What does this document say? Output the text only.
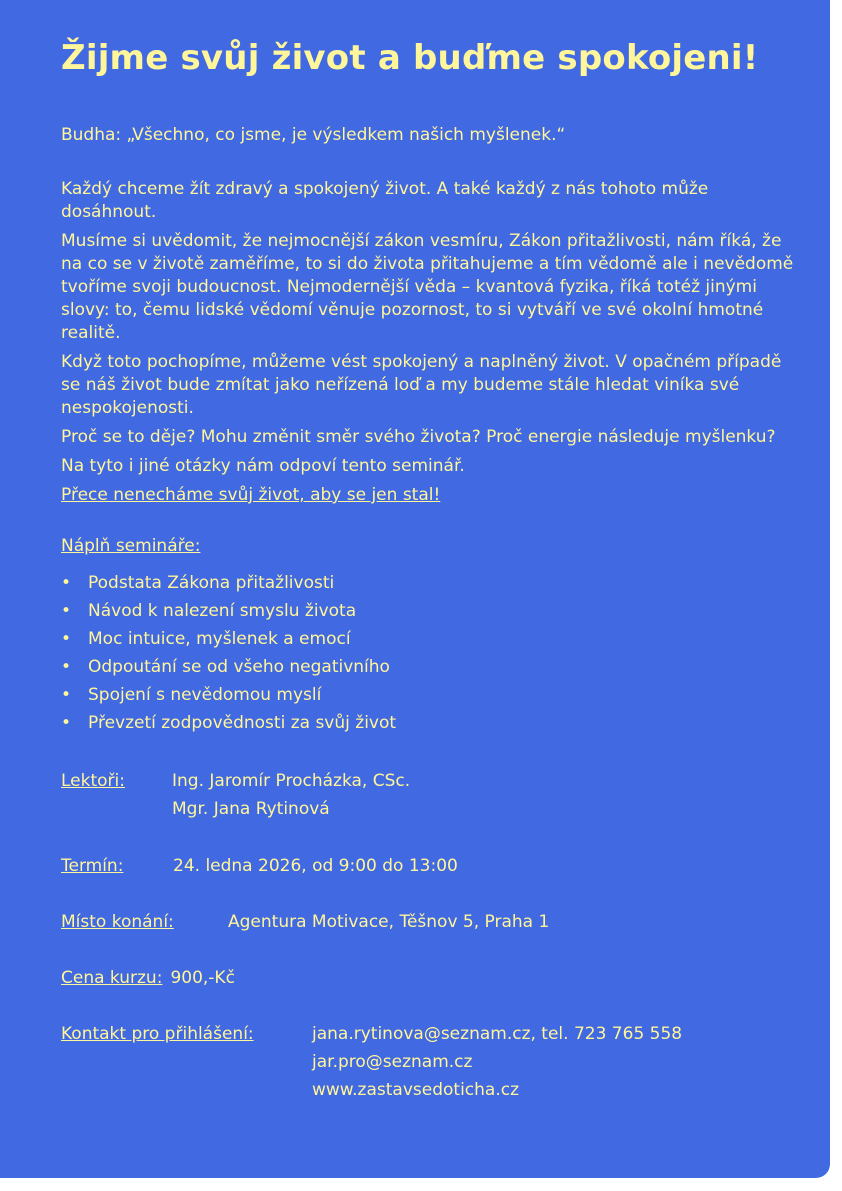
Žijme svůj život a buďme spokojeni!

Budha: „Všechno, co jsme, je výsledkem našich myšlenek.“

Každý chceme žít zdravý a spokojený život. A také každý z nás tohoto může dosáhnout.

Musíme si uvědomit, že nejmocnější zákon vesmíru, Zákon přitažlivosti, nám říká, že na co se v životě zaměříme, to si do života přitahujeme a tím vědomě ale i nevědomě tvoříme svoji budoucnost. Nejmodernější věda – kvantová fyzika, říká totéž jinými slovy: to, čemu lidské vědomí věnuje pozornost, to si vytváří ve své okolní hmotné realitě.

Když toto pochopíme, můžeme vést spokojený a naplněný život. V opačném případě se náš život bude zmítat jako neřízená loď a my budeme stále hledat viníka své nespokojenosti.

Proč se to děje? Mohu změnit směr svého života? Proč energie následuje myšlenku?

Na tyto i jiné otázky nám odpoví tento seminář.

Přece nenecháme svůj život, aby se jen stal!

Náplň semináře:
• Podstata Zákona přitažlivosti
• Návod k nalezení smyslu života
• Moc intuice, myšlenek a emocí
• Odpoutání se od všeho negativního
• Spojení s nevědomou myslí
• Převzetí zodpovědnosti za svůj život
Lektoři:	Ing. Jaromír Procházka, CSc.
Mgr. Jana Rytinová
Termín:	24. ledna 2026, od 9:00 do 13:00
Místo konání:	Agentura Motivace, Těšnov 5, Praha 1
Cena kurzu: 900,-Kč
Kontakt pro přihlášení:	jana.rytinova@seznam.cz, tel. 723 765 558
jar.pro@seznam.cz
www.zastavsedoticha.cz
